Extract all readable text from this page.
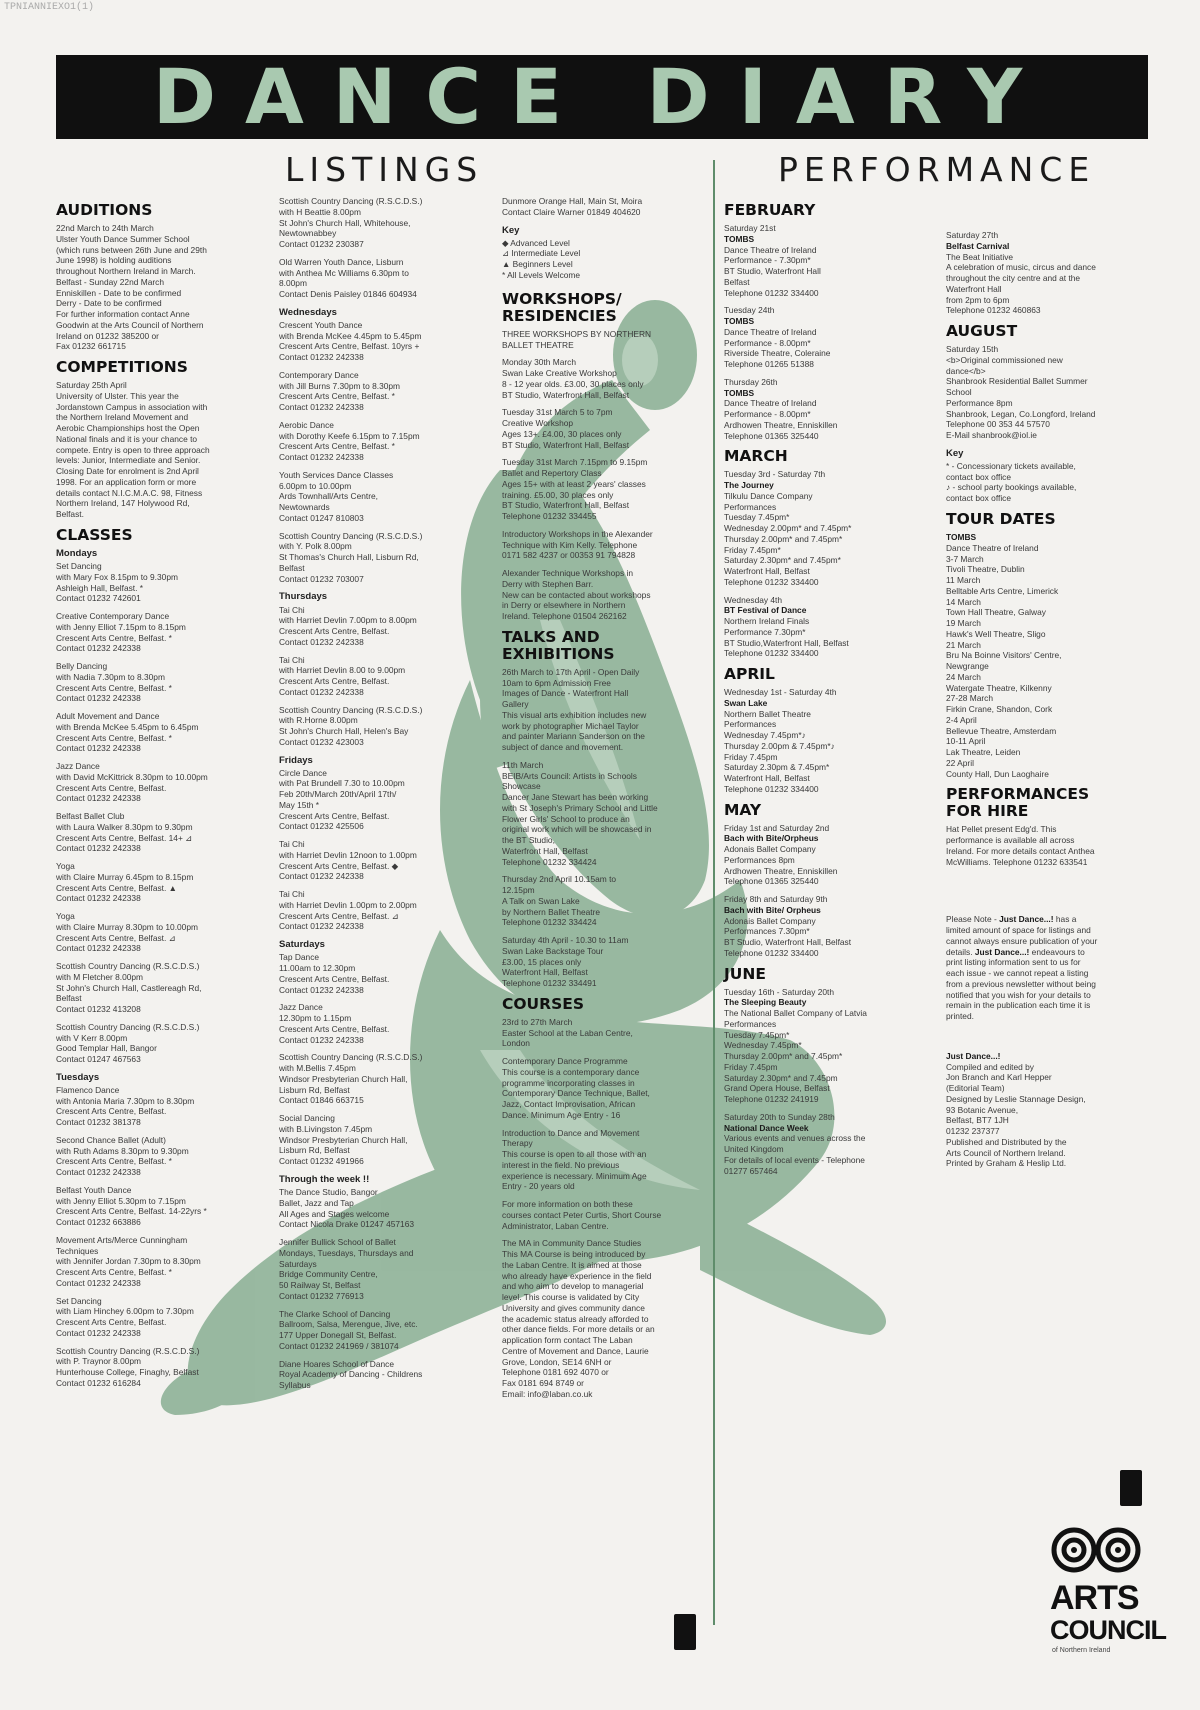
TPNIANNIEXO1(1)
DANCE DIARY
LISTINGS	PERFORMANCE
AUDITIONS
22nd March to 24th March
Ulster Youth Dance Summer School
(which runs between 26th June and 29th
June 1998) is holding auditions
throughout Northern Ireland in March.
Belfast - Sunday 22nd March
Enniskillen - Date to be confirmed
Derry - Date to be confirmed
For further information contact Anne
Goodwin at the Arts Council of Northern
Ireland on 01232 385200 or
Fax 01232 661715
COMPETITIONS
Saturday 25th April
University of Ulster. This year the
Jordanstown Campus in association with
the Northern Ireland Movement and
Aerobic Championships host the Open
National finals and it is your chance to
compete. Entry is open to three approach
levels: Junior, Intermediate and Senior.
Closing Date for enrolment is 2nd April
1998. For an application form or more
details contact N.I.C.M.A.C. 98, Fitness
Northern Ireland, 147 Holywood Rd,
Belfast.
CLASSES
Mondays
Set Dancing
with Mary Fox 8.15pm to 9.30pm
Ashleigh Hall, Belfast. *
Contact 01232 742601
Creative Contemporary Dance
with Jenny Elliot 7.15pm to 8.15pm
Crescent Arts Centre, Belfast. *
Contact 01232 242338
Belly Dancing
with Nadia 7.30pm to 8.30pm
Crescent Arts Centre, Belfast. *
Contact 01232 242338
Adult Movement and Dance
with Brenda McKee 5.45pm to 6.45pm
Crescent Arts Centre, Belfast. *
Contact 01232 242338
Jazz Dance
with David McKittrick 8.30pm to 10.00pm
Crescent Arts Centre, Belfast.
Contact 01232 242338
Belfast Ballet Club
with Laura Walker 8.30pm to 9.30pm
Crescent Arts Centre, Belfast. 14+ ⊿
Contact 01232 242338
Yoga
with Claire Murray 6.45pm to 8.15pm
Crescent Arts Centre, Belfast. ▲
Contact 01232 242338
Yoga
with Claire Murray 8.30pm to 10.00pm
Crescent Arts Centre, Belfast. ⊿
Contact 01232 242338
Scottish Country Dancing (R.S.C.D.S.)
with M Fletcher 8.00pm
St John's Church Hall, Castlereagh Rd,
Belfast
Contact 01232 413208
Scottish Country Dancing (R.S.C.D.S.)
with V Kerr 8.00pm
Good Templar Hall, Bangor
Contact 01247 467563
Tuesdays
Flamenco Dance
with Antonia Maria 7.30pm to 8.30pm
Crescent Arts Centre, Belfast.
Contact 01232 381378
Second Chance Ballet (Adult)
with Ruth Adams 8.30pm to 9.30pm
Crescent Arts Centre, Belfast. *
Contact 01232 242338
Belfast Youth Dance
with Jenny Elliot 5.30pm to 7.15pm
Crescent Arts Centre, Belfast. 14-22yrs *
Contact 01232 663886
Movement Arts/Merce Cunningham
Techniques
with Jennifer Jordan 7.30pm to 8.30pm
Crescent Arts Centre, Belfast. *
Contact 01232 242338
Set Dancing
with Liam Hinchey 6.00pm to 7.30pm
Crescent Arts Centre, Belfast.
Contact 01232 242338
Scottish Country Dancing (R.S.C.D.S.)
with P. Traynor 8.00pm
Hunterhouse College, Finaghy, Belfast
Contact 01232 616284
Scottish Country Dancing (R.S.C.D.S.)
with H Beattie 8.00pm
St John's Church Hall, Whitehouse,
Newtownabbey
Contact 01232 230387
Old Warren Youth Dance, Lisburn
with Anthea Mc Williams 6.30pm to
8.00pm
Contact Denis Paisley 01846 604934
Wednesdays
Crescent Youth Dance
with Brenda McKee 4.45pm to 5.45pm
Crescent Arts Centre, Belfast. 10yrs +
Contact 01232 242338
Contemporary Dance
with Jill Burns 7.30pm to 8.30pm
Crescent Arts Centre, Belfast. *
Contact 01232 242338
Aerobic Dance
with Dorothy Keefe 6.15pm to 7.15pm
Crescent Arts Centre, Belfast. *
Contact 01232 242338
Youth Services Dance Classes
6.00pm to 10.00pm
Ards Townhall/Arts Centre,
Newtownards
Contact 01247 810803
Scottish Country Dancing (R.S.C.D.S.)
with Y. Polk 8.00pm
St Thomas's Church Hall, Lisburn Rd,
Belfast
Contact 01232 703007
Thursdays
Tai Chi
with Harriet Devlin 7.00pm to 8.00pm
Crescent Arts Centre, Belfast.
Contact 01232 242338
Tai Chi
with Harriet Devlin 8.00 to 9.00pm
Crescent Arts Centre, Belfast.
Contact 01232 242338
Scottish Country Dancing (R.S.C.D.S.)
with R.Horne 8.00pm
St John's Church Hall, Helen's Bay
Contact 01232 423003
Fridays
Circle Dance
with Pat Brundell 7.30 to 10.00pm
Feb 20th/March 20th/April 17th/
May 15th *
Crescent Arts Centre, Belfast.
Contact 01232 425506
Tai Chi
with Harriet Devlin 12noon to 1.00pm
Crescent Arts Centre, Belfast. ◆
Contact 01232 242338
Tai Chi
with Harriet Devlin 1.00pm to 2.00pm
Crescent Arts Centre, Belfast. ⊿
Contact 01232 242338
Saturdays
Tap Dance
11.00am to 12.30pm
Crescent Arts Centre, Belfast.
Contact 01232 242338
Jazz Dance
12.30pm to 1.15pm
Crescent Arts Centre, Belfast.
Contact 01232 242338
Scottish Country Dancing (R.S.C.D.S.)
with M.Bellis 7.45pm
Windsor Presbyterian Church Hall,
Lisburn Rd, Belfast
Contact 01846 663715
Social Dancing
with B.Livingston 7.45pm
Windsor Presbyterian Church Hall,
Lisburn Rd, Belfast
Contact 01232 491966
Through the week !!
The Dance Studio, Bangor
Ballet, Jazz and Tap
All Ages and Stages welcome
Contact Nicola Drake 01247 457163
Jennifer Bullick School of Ballet
Mondays, Tuesdays, Thursdays and
Saturdays
Bridge Community Centre,
50 Railway St, Belfast
Contact 01232 776913
The Clarke School of Dancing
Ballroom, Salsa, Merengue, Jive, etc.
177 Upper Donegall St, Belfast.
Contact 01232 241969 / 381074
Diane Hoares School of Dance
Royal Academy of Dancing - Childrens
Syllabus
Dunmore Orange Hall, Main St, Moira
Contact Claire Warner 01849 404620
Key
◆ Advanced Level
⊿ Intermediate Level
▲ Beginners Level
* All Levels Welcome
WORKSHOPS/
RESIDENCIES
THREE WORKSHOPS BY NORTHERN
BALLET THEATRE
Monday 30th March
Swan Lake Creative Workshop
8 - 12 year olds. £3.00, 30 places only
BT Studio, Waterfront Hall, Belfast
Tuesday 31st March 5 to 7pm
Creative Workshop
Ages 13+. £4.00, 30 places only
BT Studio, Waterfront Hall, Belfast
Tuesday 31st March 7.15pm to 9.15pm
Ballet and Repertory Class
Ages 15+ with at least 2 years' classes
training. £5.00, 30 places only
BT Studio, Waterfront Hall, Belfast
Telephone 01232 334455
Introductory Workshops in the Alexander
Technique with Kim Kelly. Telephone
0171 582 4237 or 00353 91 794828
Alexander Technique Workshops in
Derry with Stephen Barr.
New can be contacted about workshops
in Derry or elsewhere in Northern
Ireland. Telephone 01504 262162
TALKS AND
EXHIBITIONS
26th March to 17th April - Open Daily
10am to 6pm Admission Free
Images of Dance - Waterfront Hall
Gallery
This visual arts exhibition includes new
work by photographer Michael Taylor
and painter Mariann Sanderson on the
subject of dance and movement.
11th March
BEIB/Arts Council: Artists in Schools
Showcase
Dancer Jane Stewart has been working
with St Joseph's Primary School and Little
Flower Girls' School to produce an
original work which will be showcased in
the BT Studio,
Waterfront Hall, Belfast
Telephone 01232 334424
Thursday 2nd April 10.15am to
12.15pm
A Talk on Swan Lake
by Northern Ballet Theatre
Telephone 01232 334424
Saturday 4th April - 10.30 to 11am
Swan Lake Backstage Tour
£3.00, 15 places only
Waterfront Hall, Belfast
Telephone 01232 334491
COURSES
23rd to 27th March
Easter School at the Laban Centre,
London
Contemporary Dance Programme
This course is a contemporary dance
programme incorporating classes in
Contemporary Dance Technique, Ballet,
Jazz, Contact Improvisation, African
Dance. Minimum Age Entry - 16
Introduction to Dance and Movement
Therapy
This course is open to all those with an
interest in the field. No previous
experience is necessary. Minimum Age
Entry - 20 years old
For more information on both these
courses contact Peter Curtis, Short Course
Administrator, Laban Centre.
The MA in Community Dance Studies
This MA Course is being introduced by
the Laban Centre. It is aimed at those
who already have experience in the field
and who aim to develop to managerial
level. This course is validated by City
University and gives community dance
the academic status already afforded to
other dance fields. For more details or an
application form contact The Laban
Centre of Movement and Dance, Laurie
Grove, London, SE14 6NH or
Telephone 0181 692 4070 or
Fax 0181 694 8749 or
Email: info@laban.co.uk
FEBRUARY
Saturday 21st
TOMBS
Dance Theatre of Ireland
Performance - 7.30pm*
BT Studio, Waterfront Hall
Belfast
Telephone 01232 334400
Tuesday 24th
TOMBS
Dance Theatre of Ireland
Performance - 8.00pm*
Riverside Theatre, Coleraine
Telephone 01265 51388
Thursday 26th
TOMBS
Dance Theatre of Ireland
Performance - 8.00pm*
Ardhowen Theatre, Enniskillen
Telephone 01365 325440
MARCH
Tuesday 3rd - Saturday 7th
The Journey
Tilkulu Dance Company
Performances
Tuesday 7.45pm*
Wednesday 2.00pm* and 7.45pm*
Thursday 2.00pm* and 7.45pm*
Friday 7.45pm*
Saturday 2.30pm* and 7.45pm*
Waterfront Hall, Belfast
Telephone 01232 334400
Wednesday 4th
BT Festival of Dance
Northern Ireland Finals
Performance 7.30pm*
BT Studio,Waterfront Hall, Belfast
Telephone 01232 334400
APRIL
Wednesday 1st - Saturday 4th
Swan Lake
Northern Ballet Theatre
Performances
Wednesday 7.45pm*♪
Thursday 2.00pm & 7.45pm*♪
Friday 7.45pm
Saturday 2.30pm & 7.45pm*
Waterfront Hall, Belfast
Telephone 01232 334400
MAY
Friday 1st and Saturday 2nd
Bach with Bite/Orpheus
Adonais Ballet Company
Performances 8pm
Ardhowen Theatre, Enniskillen
Telephone 01365 325440
Friday 8th and Saturday 9th
Bach with Bite/ Orpheus
Adonais Ballet Company
Performances 7.30pm*
BT Studio, Waterfront Hall, Belfast
Telephone 01232 334400
JUNE
Tuesday 16th - Saturday 20th
The Sleeping Beauty
The National Ballet Company of Latvia
Performances
Tuesday 7.45pm*
Wednesday 7.45pm*
Thursday 2.00pm* and 7.45pm*
Friday 7.45pm
Saturday 2.30pm* and 7.45pm
Grand Opera House, Belfast
Telephone 01232 241919
Saturday 20th to Sunday 28th
National Dance Week
Various events and venues across the
United Kingdom
For details of local events - Telephone
01277 657464
Saturday 27th
Belfast Carnival
The Beat Initiative
A celebration of music, circus and dance
throughout the city centre and at the
Waterfront Hall
from 2pm to 6pm
Telephone 01232 460863
AUGUST
Saturday 15th
<b>Original commissioned new
dance</b>
Shanbrook Residential Ballet Summer
School
Performance 8pm
Shanbrook, Legan, Co.Longford, Ireland
Telephone 00 353 44 57570
E-Mail shanbrook@iol.ie
Key
* - Concessionary tickets available,
contact box office
♪ - school party bookings available,
contact box office
TOUR DATES
TOMBS
Dance Theatre of Ireland
3-7 March
Tivoli Theatre, Dublin
11 March
Belltable Arts Centre, Limerick
14 March
Town Hall Theatre, Galway
19 March
Hawk's Well Theatre, Sligo
21 March
Bru Na Boinne Visitors' Centre,
Newgrange
24 March
Watergate Theatre, Kilkenny
27-28 March
Firkin Crane, Shandon, Cork
2-4 April
Bellevue Theatre, Amsterdam
10-11 April
Lak Theatre, Leiden
22 April
County Hall, Dun Laoghaire
PERFORMANCES
FOR HIRE
Hat Pellet present Edg'd. This
performance is available all across
Ireland. For more details contact Anthea
McWilliams. Telephone 01232 633541
Please Note - Just Dance...! has a
limited amount of space for listings and
cannot always ensure publication of your
details. Just Dance...! endeavours to
print listing information sent to us for
each issue - we cannot repeat a listing
from a previous newsletter without being
notified that you wish for your details to
remain in the publication each time it is
printed.
Just Dance...!
Compiled and edited by
Jon Branch and Karl Hepper
(Editorial Team)
Designed by Leslie Stannage Design,
93 Botanic Avenue,
Belfast, BT7 1JH
01232 237377
Published and Distributed by the
Arts Council of Northern Ireland.
Printed by Graham & Heslip Ltd.
ARTS
COUNCIL
of Northern Ireland
